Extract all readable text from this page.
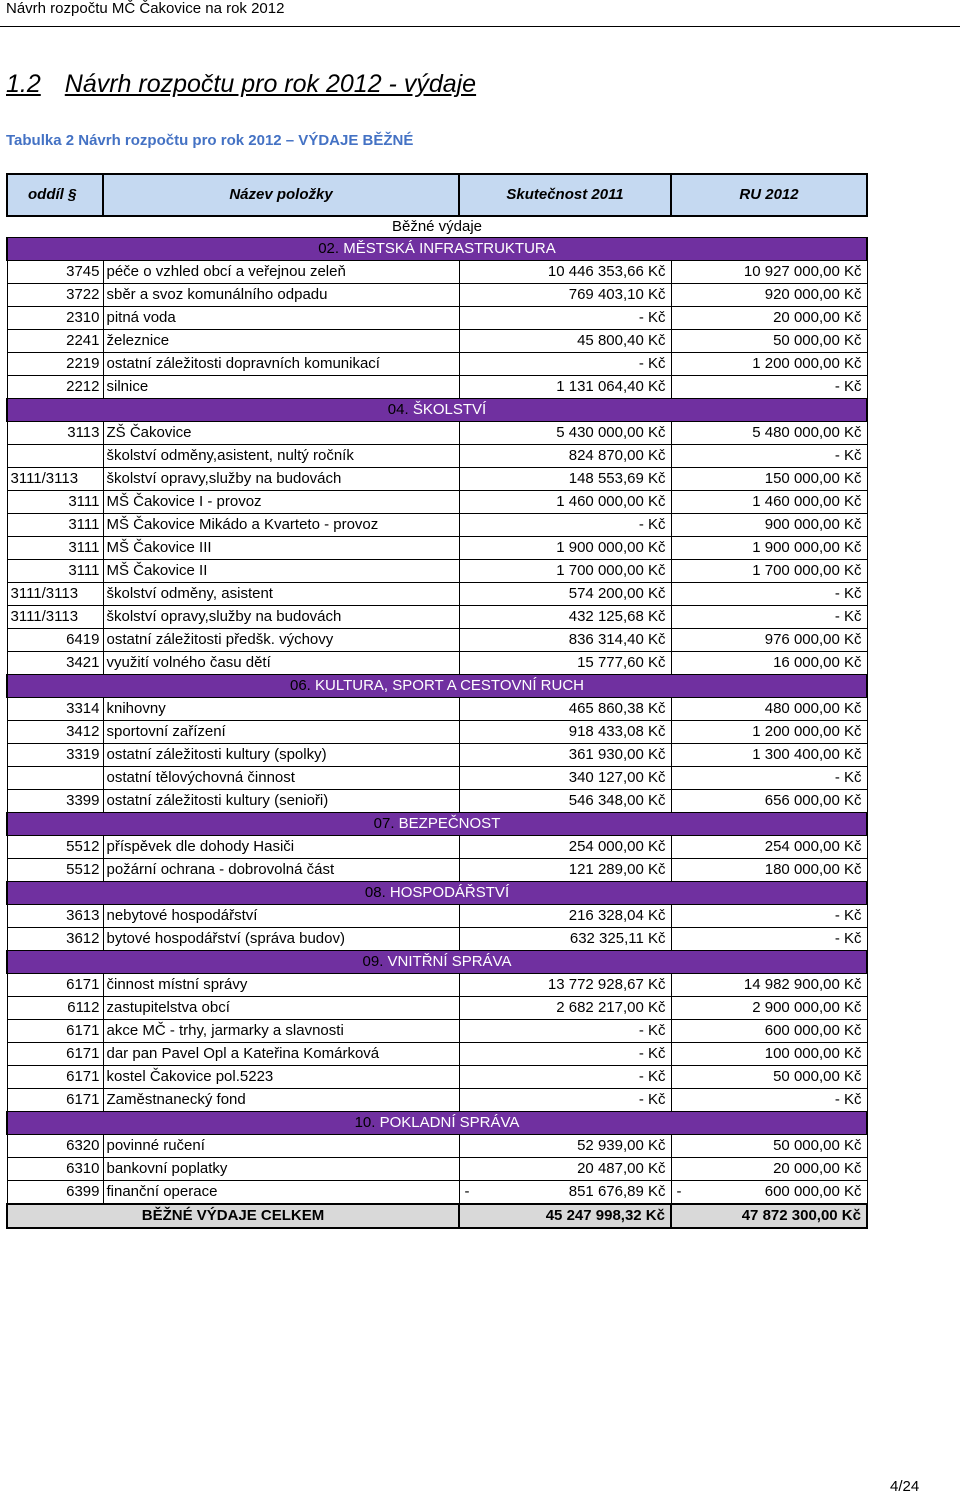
Návrh rozpočtu MČ Čakovice na rok 2012
1.2 Návrh rozpočtu pro rok 2012 - výdaje
Tabulka 2 Návrh rozpočtu pro rok 2012 – VÝDAJE BĚŽNÉ
oddíl §	Název položky	Skutečnost 2011	RU 2012
Běžné výdaje			
02. MĚSTSKÁ INFRASTRUKTURA			
3745	péče o vzhled obcí a veřejnou zeleň	10 446 353,66 Kč	10 927 000,00 Kč
3722	sběr a svoz komunálního odpadu	769 403,10 Kč	920 000,00 Kč
2310	pitná voda	- Kč	20 000,00 Kč
2241	železnice	45 800,40 Kč	50 000,00 Kč
2219	ostatní záležitosti dopravních komunikací	- Kč	1 200 000,00 Kč
2212	silnice	1 131 064,40 Kč	- Kč
04. ŠKOLSTVÍ			
3113	ZŠ Čakovice	5 430 000,00 Kč	5 480 000,00 Kč
	školství odměny,asistent, nultý ročník	824 870,00 Kč	- Kč
3111/3113	školství opravy,služby na budovách	148 553,69 Kč	150 000,00 Kč
3111	MŠ Čakovice I - provoz	1 460 000,00 Kč	1 460 000,00 Kč
3111	MŠ Čakovice Mikádo a Kvarteto - provoz	- Kč	900 000,00 Kč
3111	MŠ Čakovice III	1 900 000,00 Kč	1 900 000,00 Kč
3111	MŠ Čakovice II	1 700 000,00 Kč	1 700 000,00 Kč
3111/3113	školství odměny, asistent	574 200,00 Kč	- Kč
3111/3113	školství opravy,služby na budovách	432 125,68 Kč	- Kč
6419	ostatní záležitosti předšk. výchovy	836 314,40 Kč	976 000,00 Kč
3421	využití volného času dětí	15 777,60 Kč	16 000,00 Kč
06. KULTURA, SPORT A CESTOVNÍ RUCH			
3314	knihovny	465 860,38 Kč	480 000,00 Kč
3412	sportovní zařízení	918 433,08 Kč	1 200 000,00 Kč
3319	ostatní záležitosti kultury (spolky)	361 930,00 Kč	1 300 400,00 Kč
	ostatní tělovýchovná činnost	340 127,00 Kč	- Kč
3399	ostatní záležitosti kultury (senioři)	546 348,00 Kč	656 000,00 Kč
07. BEZPEČNOST			
5512	příspěvek dle dohody Hasiči	254 000,00 Kč	254 000,00 Kč
5512	požární ochrana - dobrovolná část	121 289,00 Kč	180 000,00 Kč
08. HOSPODÁŘSTVÍ			
3613	nebytové hospodářství	216 328,04 Kč	- Kč
3612	bytové hospodářství (správa budov)	632 325,11 Kč	- Kč
09. VNITŘNÍ SPRÁVA			
6171	činnost místní správy	13 772 928,67 Kč	14 982 900,00 Kč
6112	zastupitelstva obcí	2 682 217,00 Kč	2 900 000,00 Kč
6171	akce MČ - trhy, jarmarky a slavnosti	- Kč	600 000,00 Kč
6171	dar pan Pavel Opl a Kateřina Komárková	- Kč	100 000,00 Kč
6171	kostel Čakovice pol.5223	- Kč	50 000,00 Kč
6171	Zaměstnanecký fond	- Kč	- Kč
10. POKLADNÍ SPRÁVA			
6320	povinné ručení	52 939,00 Kč	50 000,00 Kč
6310	bankovní poplatky	20 487,00 Kč	20 000,00 Kč
6399	finanční operace	- 851 676,89 Kč	- 600 000,00 Kč
BĚŽNÉ VÝDAJE CELKEM		45 247 998,32 Kč	47 872 300,00 Kč
4/24
